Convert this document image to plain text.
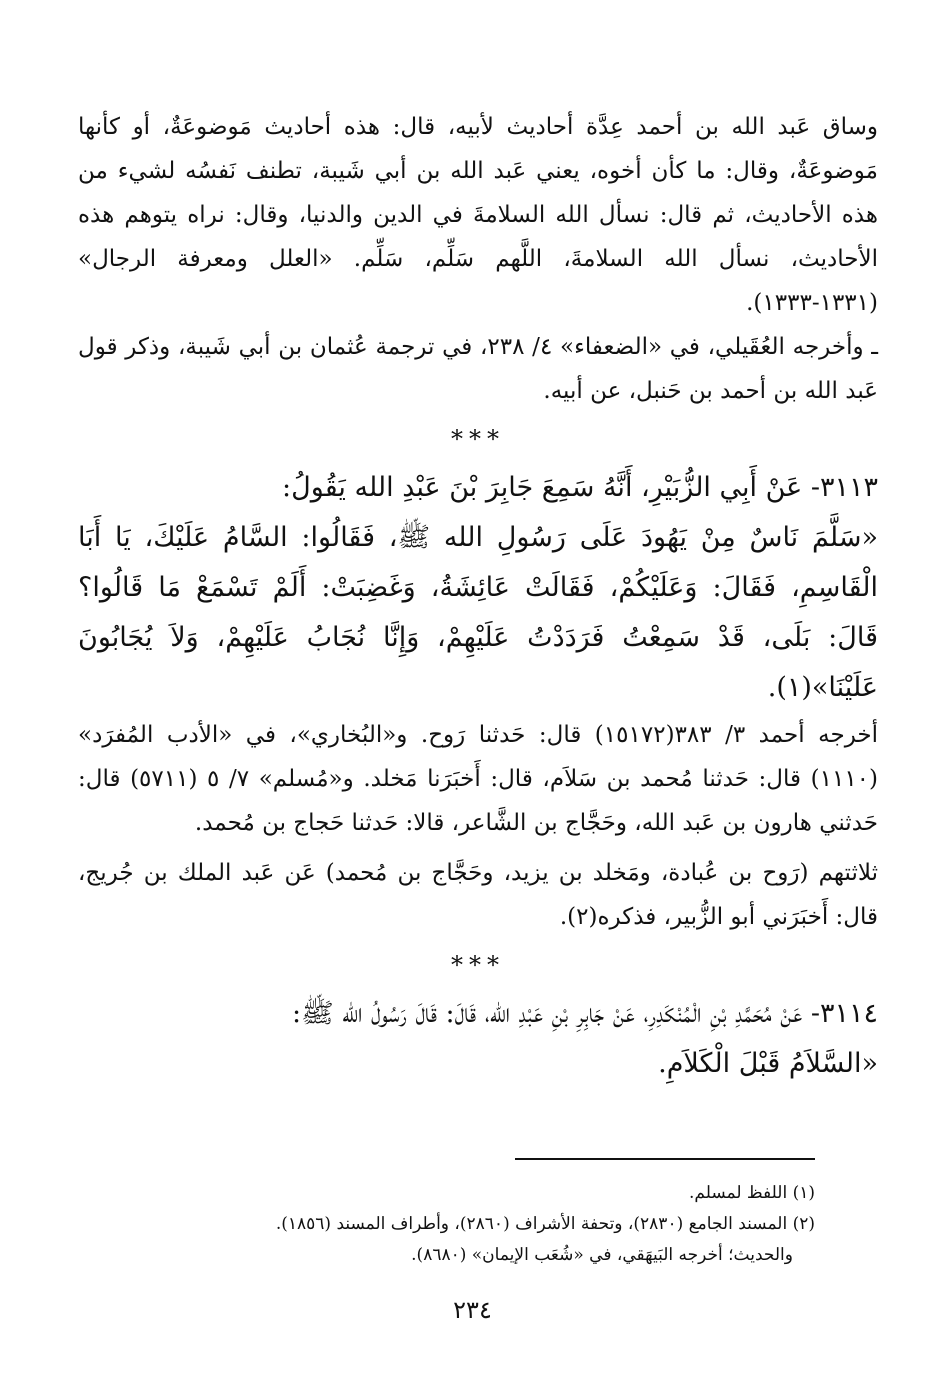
وساق عَبد الله بن أحمد عِدَّة أحاديث لأبيه، قال: هذه أحاديث مَوضوعَةٌ، أو كأنها مَوضوعَةٌ، وقال: ما كأن أخوه، يعني عَبد الله بن أبي شَيبة، تطنف نَفسُه لشيء من هذه الأحاديث، ثم قال: نسأل الله السلامةَ في الدين والدنيا، وقال: نراه يتوهم هذه الأحاديث، نسأل الله السلامةَ، اللَّهم سَلِّم، سَلِّم. «العلل ومعرفة الرجال» (١٣٣١-١٣٣٣).

ـ وأخرجه العُقَيلي، في «الضعفاء» ٤/ ٢٣٨، في ترجمة عُثمان بن أبي شَيبة، وذكر قول عَبد الله بن أحمد بن حَنبل، عن أبيه.

***

٣١١٣- عَنْ أَبِي الزُّبَيْرِ، أَنَّهُ سَمِعَ جَابِرَ بْنَ عَبْدِ الله يَقُولُ:

«سَلَّمَ نَاسٌ مِنْ يَهُودَ عَلَى رَسُولِ الله ﷺ، فَقَالُوا: السَّامُ عَلَيْكَ، يَا أَبَا الْقَاسِمِ، فَقَالَ: وَعَلَيْكُمْ، فَقَالَتْ عَائِشَةُ، وَغَضِبَتْ: أَلَمْ تَسْمَعْ مَا قَالُوا؟ قَالَ: بَلَى، قَدْ سَمِعْتُ فَرَدَدْتُ عَلَيْهِمْ، وَإِنَّا نُجَابُ عَلَيْهِمْ، وَلاَ يُجَابُونَ عَلَيْنَا»(١).

أخرجه أحمد ٣/ ٣٨٣(١٥١٧٢) قال: حَدثنا رَوح. و«البُخاري»، في «الأدب المُفرَد» (١١١٠) قال: حَدثنا مُحمد بن سَلاَم، قال: أَخبَرَنا مَخلد. و«مُسلم» ٧/ ٥ (٥٧١١) قال: حَدثني هارون بن عَبد الله، وحَجَّاج بن الشَّاعر، قالا: حَدثنا حَجاج بن مُحمد.

ثلاثتهم (رَوح بن عُبادة، ومَخلد بن يزيد، وحَجَّاج بن مُحمد) عَن عَبد الملك بن جُريج، قال: أَخبَرَني أبو الزُّبير، فذكره(٢).

***

٣١١٤- عَنْ مُحَمَّدِ بْنِ الْمُنْكَدِرِ، عَنْ جَابِرِ بْنِ عَبْدِ الله، قَالَ: قَالَ رَسُولُ الله ﷺ:

«السَّلاَمُ قَبْلَ الْكَلاَمِ.

(١) اللفظ لمسلم.
(٢) المسند الجامع (٢٨٣٠)، وتحفة الأشراف (٢٨٦٠)، وأطراف المسند (١٨٥٦).
والحديث؛ أخرجه البَيهَقي، في «شُعَب الإيمان» (٨٦٨٠).
٢٣٤
